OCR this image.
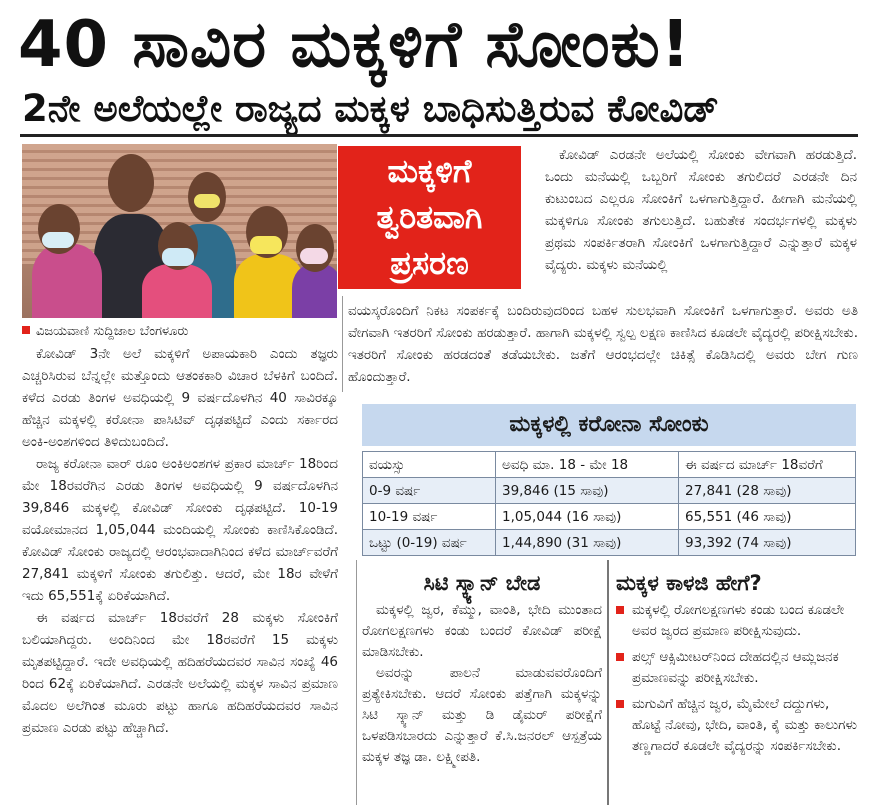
40 ಸಾವಿರ ಮಕ್ಕಳಿಗೆ ಸೋಂಕು!
2ನೇ ಅಲೆಯಲ್ಲೇ ರಾಜ್ಯದ ಮಕ್ಕಳ ಬಾಧಿಸುತ್ತಿರುವ ಕೋವಿಡ್
ಮಕ್ಕಳಿಗೆ
ತ್ವರಿತವಾಗಿ
ಪ್ರಸರಣ
ವಿಜಯವಾಣಿ ಸುದ್ದಿಜಾಲ ಬೆಂಗಳೂರು

ಕೋವಿಡ್ 3ನೇ ಅಲೆ ಮಕ್ಕಳಿಗೆ ಅಪಾಯಕಾರಿ ಎಂದು ತಜ್ಞರು ಎಚ್ಚರಿಸಿರುವ ಬೆನ್ನಲ್ಲೇ ಮತ್ತೊಂದು ಆತಂಕಕಾರಿ ವಿಚಾರ ಬೆಳಕಿಗೆ ಬಂದಿದೆ. ಕಳೆದ ಎರಡು ತಿಂಗಳ ಅವಧಿಯಲ್ಲಿ 9 ವರ್ಷದೊಳಗಿನ 40 ಸಾವಿರಕ್ಕೂ ಹೆಚ್ಚಿನ ಮಕ್ಕಳಲ್ಲಿ ಕರೋನಾ ಪಾಸಿಟಿವ್ ದೃಢಪಟ್ಟಿದೆ ಎಂದು ಸರ್ಕಾರದ ಅಂಕಿ-ಅಂಶಗಳಿಂದ ತಿಳಿದುಬಂದಿದೆ.

ರಾಜ್ಯ ಕರೋನಾ ವಾರ್ ರೂಂ ಅಂಕಿಅಂಶಗಳ ಪ್ರಕಾರ ಮಾರ್ಚ್ 18ರಿಂದ ಮೇ 18ರವರೆಗಿನ ಎರಡು ತಿಂಗಳ ಅವಧಿಯಲ್ಲಿ 9 ವರ್ಷದೊಳಗಿನ 39,846 ಮಕ್ಕಳಲ್ಲಿ ಕೋವಿಡ್ ಸೋಂಕು ದೃಢಪಟ್ಟಿದೆ. 10-19 ವಯೋಮಾನದ 1,05,044 ಮಂದಿಯಲ್ಲಿ ಸೋಂಕು ಕಾಣಿಸಿಕೊಂಡಿದೆ. ಕೋವಿಡ್ ಸೋಂಕು ರಾಜ್ಯದಲ್ಲಿ ಆರಂಭವಾದಾಗಿನಿಂದ ಕಳೆದ ಮಾರ್ಚ್‌ವರೆಗೆ 27,841 ಮಕ್ಕಳಿಗೆ ಸೋಂಕು ತಗುಲಿತ್ತು. ಆದರೆ, ಮೇ 18ರ ವೇಳೆಗೆ ಇದು 65,551ಕ್ಕೆ ಏರಿಕೆಯಾಗಿದೆ.

ಈ ವರ್ಷದ ಮಾರ್ಚ್ 18ರವರೆಗೆ 28 ಮಕ್ಕಳು ಸೋಂಕಿಗೆ ಬಲಿಯಾಗಿದ್ದರು. ಅಂದಿನಿಂದ ಮೇ 18ರವರೆಗೆ 15 ಮಕ್ಕಳು ಮೃತಪಟ್ಟಿದ್ದಾರೆ. ಇದೇ ಅವಧಿಯಲ್ಲಿ ಹದಿಹರೆಯದವರ ಸಾವಿನ ಸಂಖ್ಯೆ 46 ರಿಂದ 62ಕ್ಕೆ ಏರಿಕೆಯಾಗಿದೆ. ಎರಡನೇ ಅಲೆಯಲ್ಲಿ ಮಕ್ಕಳ ಸಾವಿನ ಪ್ರಮಾಣ ಮೊದಲ ಅಲೆಗಿಂತ ಮೂರು ಪಟ್ಟು ಹಾಗೂ ಹದಿಹರೆಯದವರ ಸಾವಿನ ಪ್ರಮಾಣ ಎರಡು ಪಟ್ಟು ಹೆಚ್ಚಾಗಿದೆ.

ಕೋವಿಡ್ ಎರಡನೇ ಅಲೆಯಲ್ಲಿ ಸೋಂಕು ವೇಗವಾಗಿ ಹರಡುತ್ತಿದೆ. ಒಂದು ಮನೆಯಲ್ಲಿ ಒಬ್ಬರಿಗೆ ಸೋಂಕು ತಗುಲಿದರೆ ಎರಡನೇ ದಿನ ಕುಟುಂಬದ ಎಲ್ಲರೂ ಸೋಂಕಿಗೆ ಒಳಗಾಗುತ್ತಿದ್ದಾರೆ. ಹೀಗಾಗಿ ಮನೆಯಲ್ಲಿ ಮಕ್ಕಳಿಗೂ ಸೋಂಕು ತಗುಲುತ್ತಿದೆ. ಬಹುತೇಕ ಸಂದರ್ಭಗಳಲ್ಲಿ ಮಕ್ಕಳು ಪ್ರಥಮ ಸಂಪರ್ಕಿತರಾಗಿ ಸೋಂಕಿಗೆ ಒಳಗಾಗುತ್ತಿದ್ದಾರೆ ಎನ್ನುತ್ತಾರೆ ಮಕ್ಕಳ ವೈದ್ಯರು. ಮಕ್ಕಳು ಮನೆಯಲ್ಲಿ

ವಯಸ್ಕರೊಂದಿಗೆ ನಿಕಟ ಸಂಪರ್ಕಕ್ಕೆ ಬಂದಿರುವುದರಿಂದ ಬಹಳ ಸುಲಭವಾಗಿ ಸೋಂಕಿಗೆ ಒಳಗಾಗುತ್ತಾರೆ. ಅವರು ಅತಿ ವೇಗವಾಗಿ ಇತರರಿಗೆ ಸೋಂಕು ಹರಡುತ್ತಾರೆ. ಹಾಗಾಗಿ ಮಕ್ಕಳಲ್ಲಿ ಸ್ವಲ್ಪ ಲಕ್ಷಣ ಕಾಣಿಸಿದ ಕೂಡಲೇ ವೈದ್ಯರಲ್ಲಿ ಪರೀಕ್ಷಿಸಬೇಕು. ಇತರರಿಗೆ ಸೋಂಕು ಹರಡದಂತೆ ತಡೆಯಬೇಕು. ಜತೆಗೆ ಆರಂಭದಲ್ಲೇ ಚಿಕಿತ್ಸೆ ಕೊಡಿಸಿದಲ್ಲಿ ಅವರು ಬೇಗ ಗುಣ ಹೊಂದುತ್ತಾರೆ.

ಮಕ್ಕಳಲ್ಲಿ ಕರೋನಾ ಸೋಂಕು
ವಯಸ್ಸು	ಅವಧಿ ಮಾ. 18 - ಮೇ 18	ಈ ವರ್ಷದ ಮಾರ್ಚ್ 18ವರೆಗೆ
0-9 ವರ್ಷ	39,846 (15 ಸಾವು)	27,841 (28 ಸಾವು)
10-19 ವರ್ಷ	1,05,044 (16 ಸಾವು)	65,551 (46 ಸಾವು)
ಒಟ್ಟು (0-19) ವರ್ಷ	1,44,890 (31 ಸಾವು)	93,392 (74 ಸಾವು)
ಸಿಟಿ ಸ್ಕ್ಯಾನ್ ಬೇಡ

ಮಕ್ಕಳಲ್ಲಿ ಜ್ವರ, ಕೆಮ್ಮು, ವಾಂತಿ, ಭೇದಿ ಮುಂತಾದ ರೋಗಲಕ್ಷಣಗಳು ಕಂಡು ಬಂದರೆ ಕೋವಿಡ್ ಪರೀಕ್ಷೆ ಮಾಡಿಸಬೇಕು.

ಅವರನ್ನು ಪಾಲನೆ ಮಾಡುವವರೊಂದಿಗೆ ಪ್ರತ್ಯೇಕಿಸಬೇಕು. ಆದರೆ ಸೋಂಕು ಪತ್ತೆಗಾಗಿ ಮಕ್ಕಳನ್ನು ಸಿಟಿ ಸ್ಕ್ಯಾನ್ ಮತ್ತು ಡಿ ಡೈಮರ್ ಪರೀಕ್ಷೆಗೆ ಒಳಪಡಿಸಬಾರದು ಎನ್ನುತ್ತಾರೆ ಕೆ.ಸಿ.ಜನರಲ್ ಆಸ್ಪತ್ರೆಯ ಮಕ್ಕಳ ತಜ್ಞ ಡಾ. ಲಕ್ಷ್ಮೀಪತಿ.

ಮಕ್ಕಳ ಕಾಳಜಿ ಹೇಗೆ?
ಮಕ್ಕಳಲ್ಲಿ ರೋಗಲಕ್ಷಣಗಳು ಕಂಡು ಬಂದ ಕೂಡಲೇ ಅವರ ಜ್ವರದ ಪ್ರಮಾಣ ಪರೀಕ್ಷಿಸುವುದು.
ಪಲ್ಸ್ ಆಕ್ಸಿಮೀಟರ್‌ನಿಂದ ದೇಹದಲ್ಲಿನ ಆಮ್ಲಜನಕ ಪ್ರಮಾಣವನ್ನು ಪರೀಕ್ಷಿಸಬೇಕು.
ಮಗುವಿಗೆ ಹೆಚ್ಚಿನ ಜ್ವರ, ಮೈಮೇಲೆ ದದ್ದುಗಳು, ಹೊಟ್ಟೆ ನೋವು, ಭೇದಿ, ವಾಂತಿ, ಕೈ ಮತ್ತು ಕಾಲುಗಳು ತಣ್ಣಗಾದರೆ ಕೂಡಲೇ ವೈದ್ಯರನ್ನು ಸಂಪರ್ಕಿಸಬೇಕು.
